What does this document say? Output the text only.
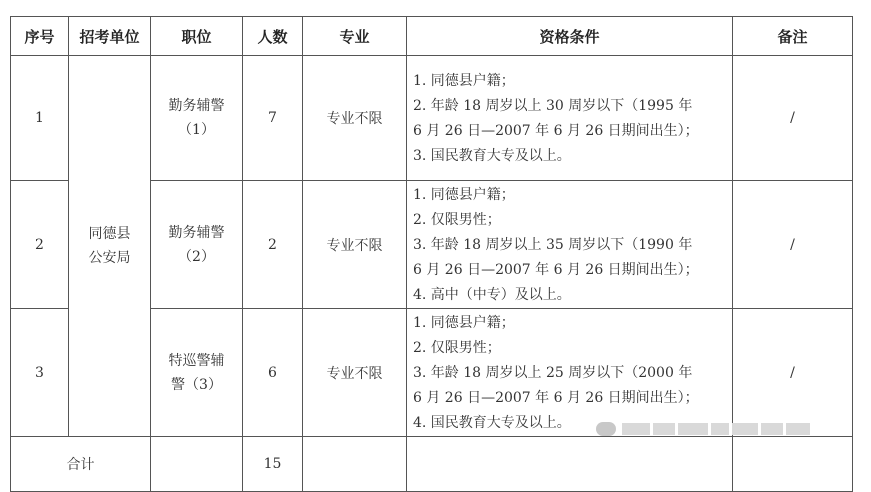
序号	招考单位	职位	人数	专业	资格条件	备注
1	同德县
公安局	勤务辅警
（1）	7	专业不限	1. 同德县户籍；
2. 年龄 18 周岁以上 30 周岁以下（1995 年
6 月 26 日—2007 年 6 月 26 日期间出生）；
3. 国民教育大专及以上。	/
2		勤务辅警
（2）	2	专业不限	1. 同德县户籍；
2. 仅限男性；
3. 年龄 18 周岁以上 35 周岁以下（1990 年
6 月 26 日—2007 年 6 月 26 日期间出生）；
4. 高中（中专）及以上。	/
3		特巡警辅
警（3）	6	专业不限	1. 同德县户籍；
2. 仅限男性；
3. 年龄 18 周岁以上 25 周岁以下（2000 年
6 月 26 日—2007 年 6 月 26 日期间出生）；
4. 国民教育大专及以上。	/
合计			15			
